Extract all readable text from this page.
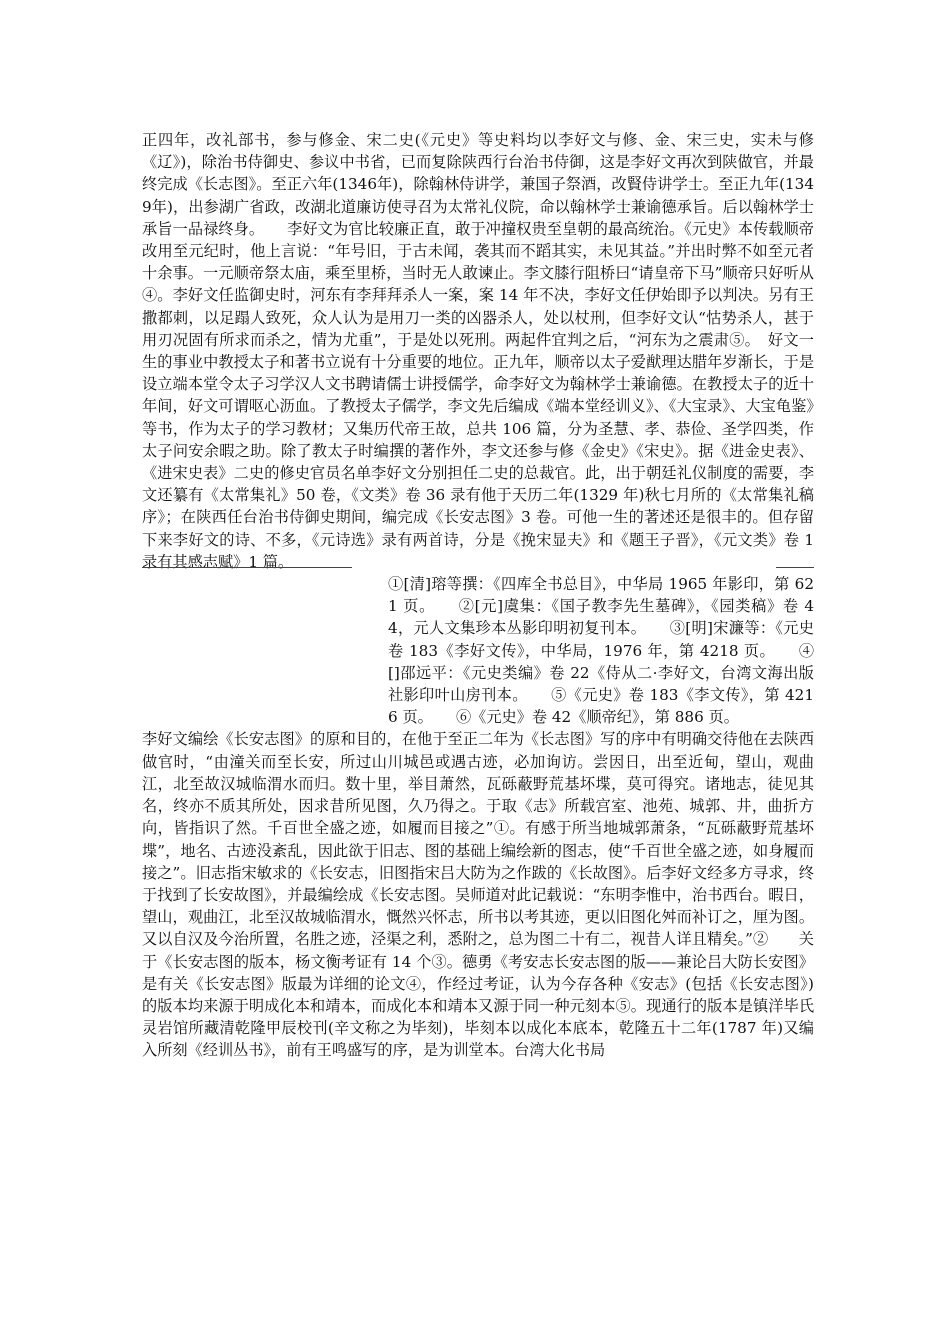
正四年，改礼部书，参与修金、宋二史(《元史》等史料均以李好文与修、金、宋三史，实未与修《辽》)，除治书侍御史、参议中书省，已而复除陕西行台治书侍御，这是李好文再次到陕做官，并最终完成《长志图》。至正六年(1346年)，除翰林侍讲学，兼国子祭酒，改賢侍讲学士。至正九年(1349年)，出参湖广省政，改湖北道廉访使寻召为太常礼仪院，命以翰林学士兼谕德承旨。后以翰林学士承旨一品禄终身。　　李好文为官比较廉正直，敢于冲撞权贵至皇朝的最高统治。《元史》本传载顺帝改用至元纪时，他上言说：“年号旧，于古未闻，袭其而不蹈其实，未见其益。”并出时弊不如至元者十余事。一元顺帝祭太庙，乘至里桥，当时无人敢谏止。李文膝行阻桥曰“请皇帝下马”顺帝只好听从④。李好文任监御史时，河东有李拜拜杀人一案，案 14 年不决，李好文任伊始即予以判决。另有王撒都刺，以足蹋人致死，众人认为是用刀一类的凶器杀人，处以杖刑，但李好文认“怙势杀人，甚于用刃况固有所求而杀之，情为尤重”，于是处以死刑。两起件宜判之后，“河东为之震肃⑤。　好文一生的事业中教授太子和著书立说有十分重要的地位。正九年，顺帝以太子爱猷理达腊年岁渐长，于是设立端本堂令太子习学汉人文书聘请儒士讲授儒学，命李好文为翰林学士兼谕德。在教授太子的近十年间，好文可谓呕心沥血。了教授太子儒学，李文先后编成《端本堂经训义》、《大宝录》、大宝龟鉴》等书，作为太子的学习教材；又集历代帝王故，总共 106 篇，分为圣慧、孝、恭俭、圣学四类，作太子问安余暇之助。除了教太子时编撰的著作外，李文还参与修《金史》《宋史》。据《进金史表》、《进宋史表》二史的修史官员名单李好文分别担任二史的总裁官。此，出于朝廷礼仪制度的需要，李文还纂有《太常集礼》50 卷，《文类》卷 36 录有他于天历二年(1329 年)秋七月所的《太常集礼稿序》；在陕西任台治书侍御史期间，编完成《长安志图》3 卷。可他一生的著述还是很丰的。但存留下来李好文的诗、不多，《元诗选》录有两首诗，分是《挽宋显夫》和《题王子晋》，《元文类》卷 1 录有其感志赋》1 篇。

①[清]瑢等撰：《四库全书总目》，中华局 1965 年影印，第 621 页。 ②[元]虞集：《国子教李先生墓碑》，《园类稿》卷 44，元人文集珍本丛影印明初复刊本。 ③[明]宋濂等：《元史卷 183《李好文传》，中华局，1976 年，第 4218 页。 ④[]邵远平：《元史类编》卷 22《侍从二·李好文，台湾文海出版社影印叶山房刊本。 ⑤《元史》卷 183《李文传》，第 4216 页。 ⑥《元史》卷 42《顺帝纪》，第 886 页。

李好文编绘《长安志图》的原和目的，在他于至正二年为《长志图》写的序中有明确交待他在去陕西做官时，“由潼关而至长安，所过山川城邑或遇古迹，必加询访。尝因日，出至近甸，望山，观曲江，北至故汉城临渭水而归。数十里，举目萧然，瓦砾蔽野荒基坏堞，莫可得究。诸地志，徒见其名，终亦不质其所处，因求昔所见图，久乃得之。于取《志》所载宫室、池苑、城郭、井，曲折方向，皆指识了然。千百世全盛之迹，如履而目接之”①。有感于所当地城郭萧条，“瓦砾蔽野荒基坏堞”，地名、古迹没紊乱，因此欲于旧志、图的基础上编绘新的图志，使“千百世全盛之迹，如身履而接之”。旧志指宋敏求的《长安志，旧图指宋吕大防为之作跋的《长故图》。后李好文经多方寻求，终于找到了长安故图》，并最编绘成《长安志图。吴师道对此记载说：“东明李惟中，治书西台。暇日，望山，观曲江，北至汉故城临渭水，慨然兴怀志，所书以考其迹，更以旧图化舛而补订之，厘为图。又以自汉及今治所置，名胜之迹，泾渠之利，悉附之，总为图二十有二，视昔人详且精矣。”②　　关于《长安志图的版本，杨文衡考证有 14 个③。德勇《考安志长安志图的版——兼论吕大防长安图》是有关《长安志图》版最为详细的论文④，作经过考证，认为今存各种《安志》(包括《长安志图》)的版本均来源于明成化本和靖本，而成化本和靖本又源于同一种元刻本⑤。现通行的版本是镇洋毕氏灵岩馆所藏清乾隆甲辰校刊(辛文称之为毕刻)，毕刻本以成化本底本，乾隆五十二年(1787 年)又编入所刻《经训丛书》，前有王鸣盛写的序，是为训堂本。台湾大化书局
